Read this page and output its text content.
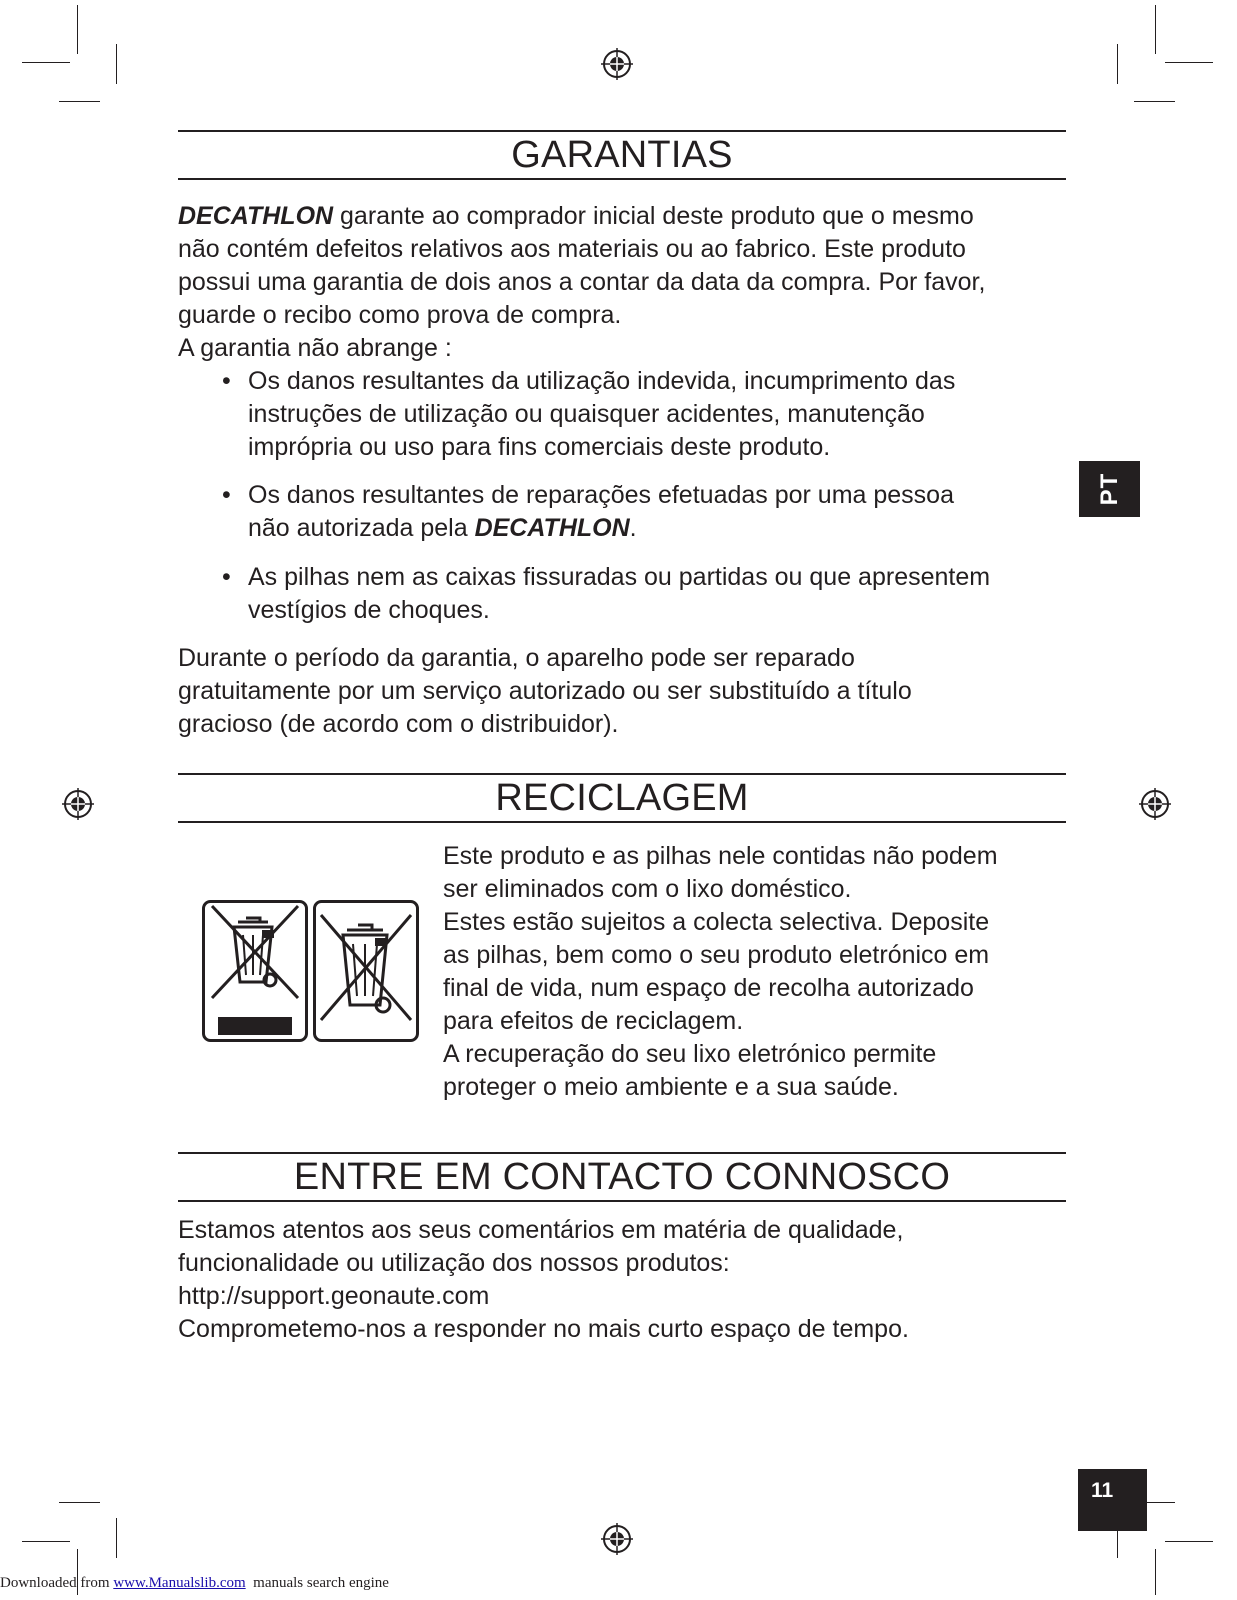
PT
GARANTIAS
DECATHLON garante ao comprador inicial deste produto que o mesmo
não contém defeitos relativos aos materiais ou ao fabrico. Este produto
possui uma garantia de dois anos a contar da data da compra. Por favor,
guarde o recibo como prova de compra.
A garantia não abrange :
• Os danos resultantes da utilização indevida, incumprimento das
instruções de utilização ou quaisquer acidentes, manutenção
imprópria ou uso para fins comerciais deste produto.
• Os danos resultantes de reparações efetuadas por uma pessoa
não autorizada pela DECATHLON.
• As pilhas nem as caixas fissuradas ou partidas ou que apresentem
vestígios de choques.
Durante o período da garantia, o aparelho pode ser reparado
gratuitamente por um serviço autorizado ou ser substituído a título
gracioso (de acordo com o distribuidor).
RECICLAGEM
Este produto e as pilhas nele contidas não podem
ser eliminados com o lixo doméstico.
Estes estão sujeitos a colecta selectiva. Deposite
as pilhas, bem como o seu produto eletrónico em
final de vida, num espaço de recolha autorizado
para efeitos de reciclagem.
A recuperação do seu lixo eletrónico permite
proteger o meio ambiente e a sua saúde.
ENTRE EM CONTACTO CONNOSCO
Estamos atentos aos seus comentários em matéria de qualidade,
funcionalidade ou utilização dos nossos produtos:
http://support.geonaute.com
Comprometemo-nos a responder no mais curto espaço de tempo.
11
Downloaded from www.Manualslib.com  manuals search engine
